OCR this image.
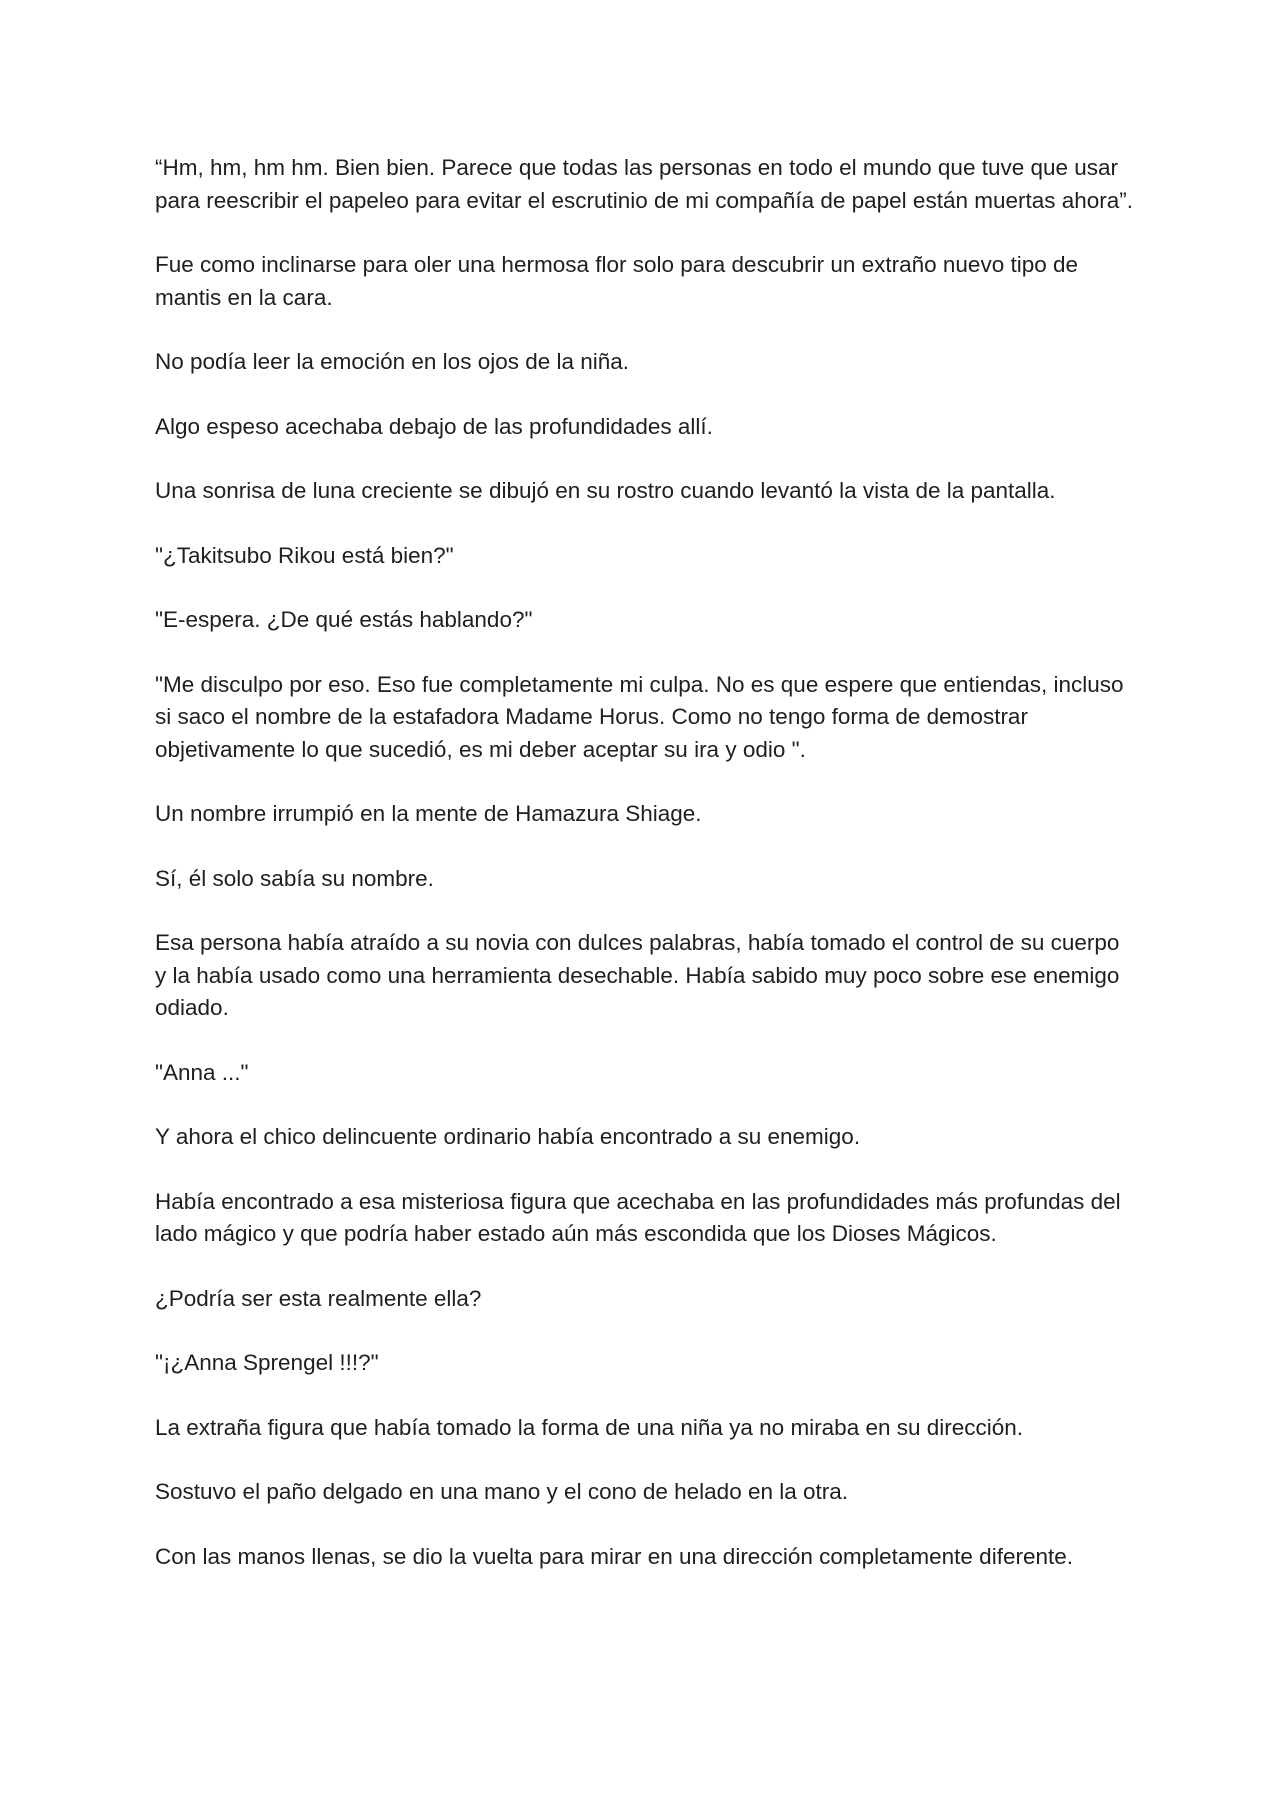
“Hm, hm, hm hm. Bien bien. Parece que todas las personas en todo el mundo que tuve que usar para reescribir el papeleo para evitar el escrutinio de mi compañía de papel están muertas ahora”.

Fue como inclinarse para oler una hermosa flor solo para descubrir un extraño nuevo tipo de mantis en la cara.

No podía leer la emoción en los ojos de la niña.

Algo espeso acechaba debajo de las profundidades allí.

Una sonrisa de luna creciente se dibujó en su rostro cuando levantó la vista de la pantalla.

"¿Takitsubo Rikou está bien?"

"E-espera. ¿De qué estás hablando?"

"Me disculpo por eso. Eso fue completamente mi culpa. No es que espere que entiendas, incluso si saco el nombre de la estafadora Madame Horus. Como no tengo forma de demostrar objetivamente lo que sucedió, es mi deber aceptar su ira y odio ".

Un nombre irrumpió en la mente de Hamazura Shiage.

Sí, él solo sabía su nombre.

Esa persona había atraído a su novia con dulces palabras, había tomado el control de su cuerpo y la había usado como una herramienta desechable. Había sabido muy poco sobre ese enemigo odiado.

"Anna ..."

Y ahora el chico delincuente ordinario había encontrado a su enemigo.

Había encontrado a esa misteriosa figura que acechaba en las profundidades más profundas del lado mágico y que podría haber estado aún más escondida que los Dioses Mágicos.

¿Podría ser esta realmente ella?

"¡¿Anna Sprengel !!!?"

La extraña figura que había tomado la forma de una niña ya no miraba en su dirección.

Sostuvo el paño delgado en una mano y el cono de helado en la otra.

Con las manos llenas, se dio la vuelta para mirar en una dirección completamente diferente.
